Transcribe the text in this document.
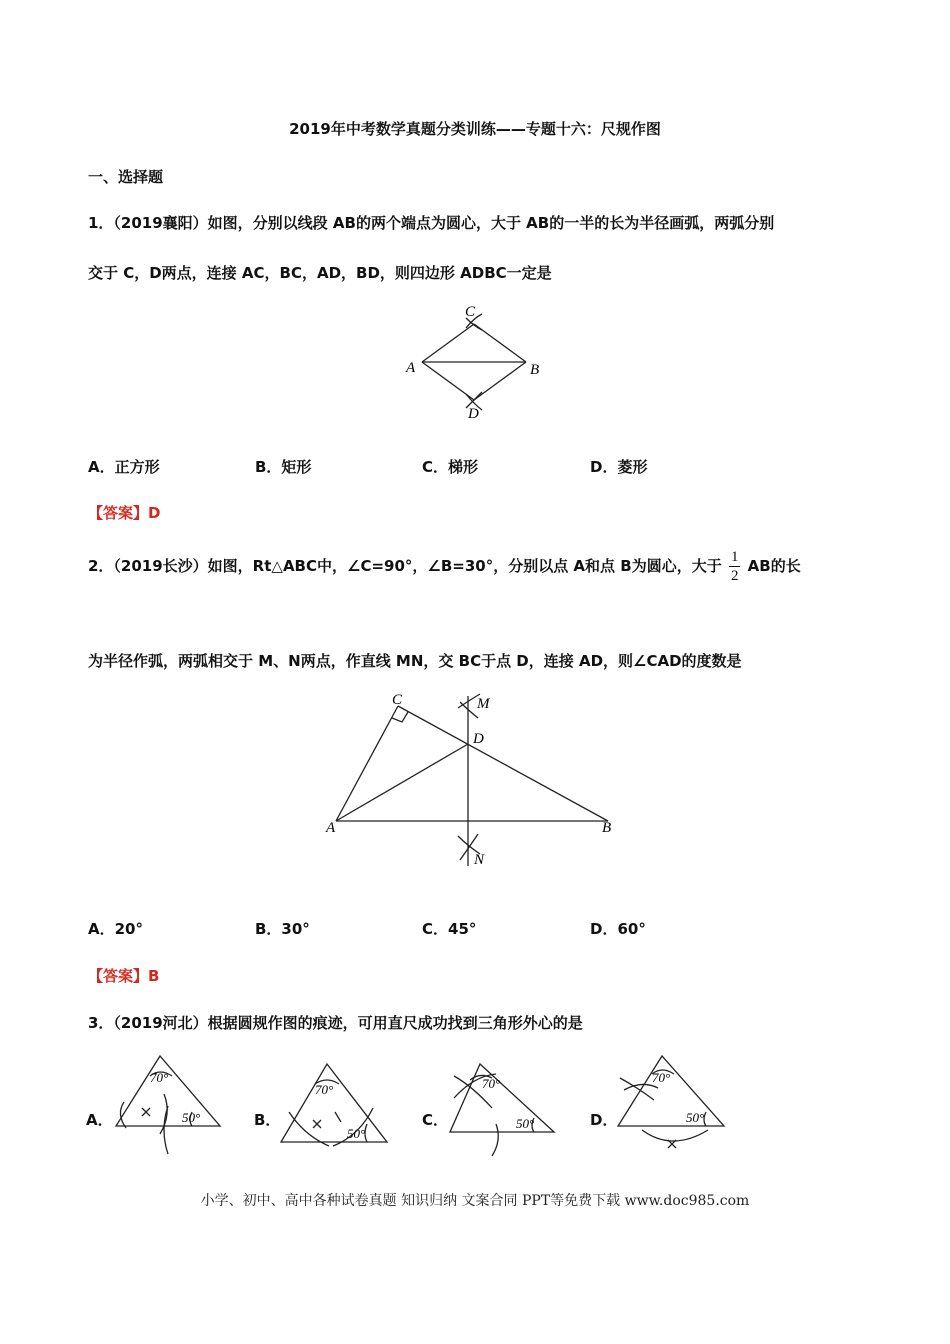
2019年中考数学真题分类训练——专题十六：尺规作图
一、选择题
1．（2019襄阳）如图，分别以线段 AB的两个端点为圆心，大于 AB的一半的长为半径画弧，两弧分别
交于 C，D两点，连接 AC，BC，AD，BD，则四边形 ADBC一定是
C
A	B
D
A．正方形	B．矩形	C．梯形	D．菱形
【答案】D
2．（2019长沙）如图，Rt△ABC中，∠C=90°，∠B=30°，分别以点 A和点 B为圆心，大于 $\frac{1}{2}$ AB的长
为半径作弧，两弧相交于 M、N两点，作直线 MN，交 BC于点 D，连接 AD，则∠CAD的度数是
C	M
D
A	B
N
A．20°	B．30°	C．45°	D．60°
【答案】B
3．（2019河北）根据圆规作图的痕迹，可用直尺成功找到三角形外心的是
A．
70°
50°	B．
70°
50°
C．
70°
50°	D．
70°
50°
小学、初中、高中各种试卷真题 知识归纳 文案合同 PPT等免费下载 www.doc985.com
